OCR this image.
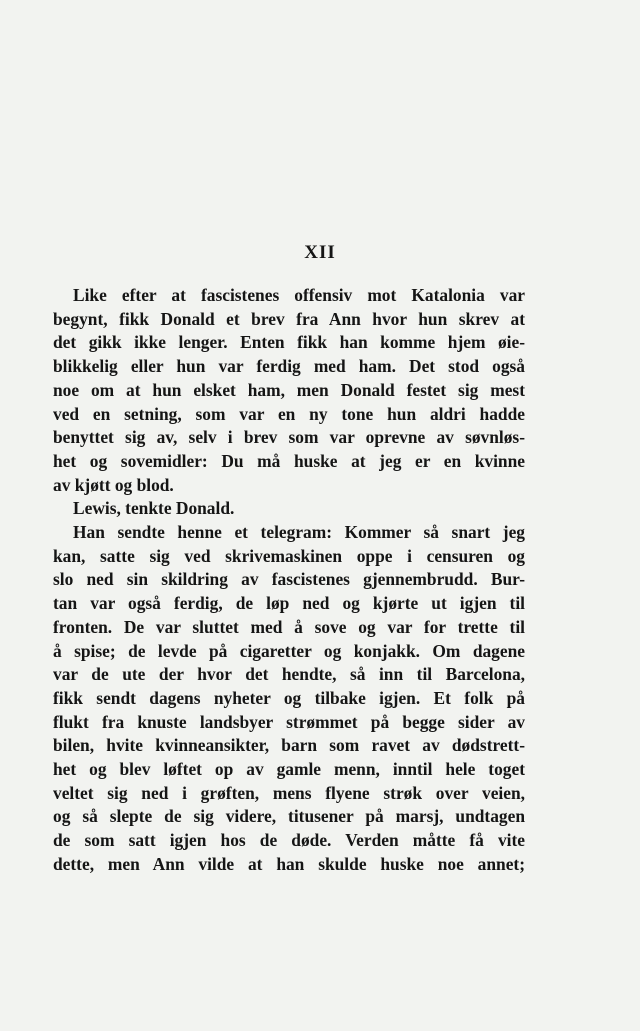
XII
Like efter at fascistenes offensiv mot Katalonia var
begynt, fikk Donald et brev fra Ann hvor hun skrev at
det gikk ikke lenger. Enten fikk han komme hjem øie-
blikkelig eller hun var ferdig med ham. Det stod også
noe om at hun elsket ham, men Donald festet sig mest
ved en setning, som var en ny tone hun aldri hadde
benyttet sig av, selv i brev som var oprevne av søvnløs-
het og sovemidler: Du må huske at jeg er en kvinne
av kjøtt og blod.
Lewis, tenkte Donald.
Han sendte henne et telegram: Kommer så snart jeg
kan, satte sig ved skrivemaskinen oppe i censuren og
slo ned sin skildring av fascistenes gjennembrudd. Bur-
tan var også ferdig, de løp ned og kjørte ut igjen til
fronten. De var sluttet med å sove og var for trette til
å spise; de levde på cigaretter og konjakk. Om dagene
var de ute der hvor det hendte, så inn til Barcelona,
fikk sendt dagens nyheter og tilbake igjen. Et folk på
flukt fra knuste landsbyer strømmet på begge sider av
bilen, hvite kvinneansikter, barn som ravet av dødstrett-
het og blev løftet op av gamle menn, inntil hele toget
veltet sig ned i grøften, mens flyene strøk over veien,
og så slepte de sig videre, titusener på marsj, undtagen
de som satt igjen hos de døde. Verden måtte få vite
dette, men Ann vilde at han skulde huske noe annet;
